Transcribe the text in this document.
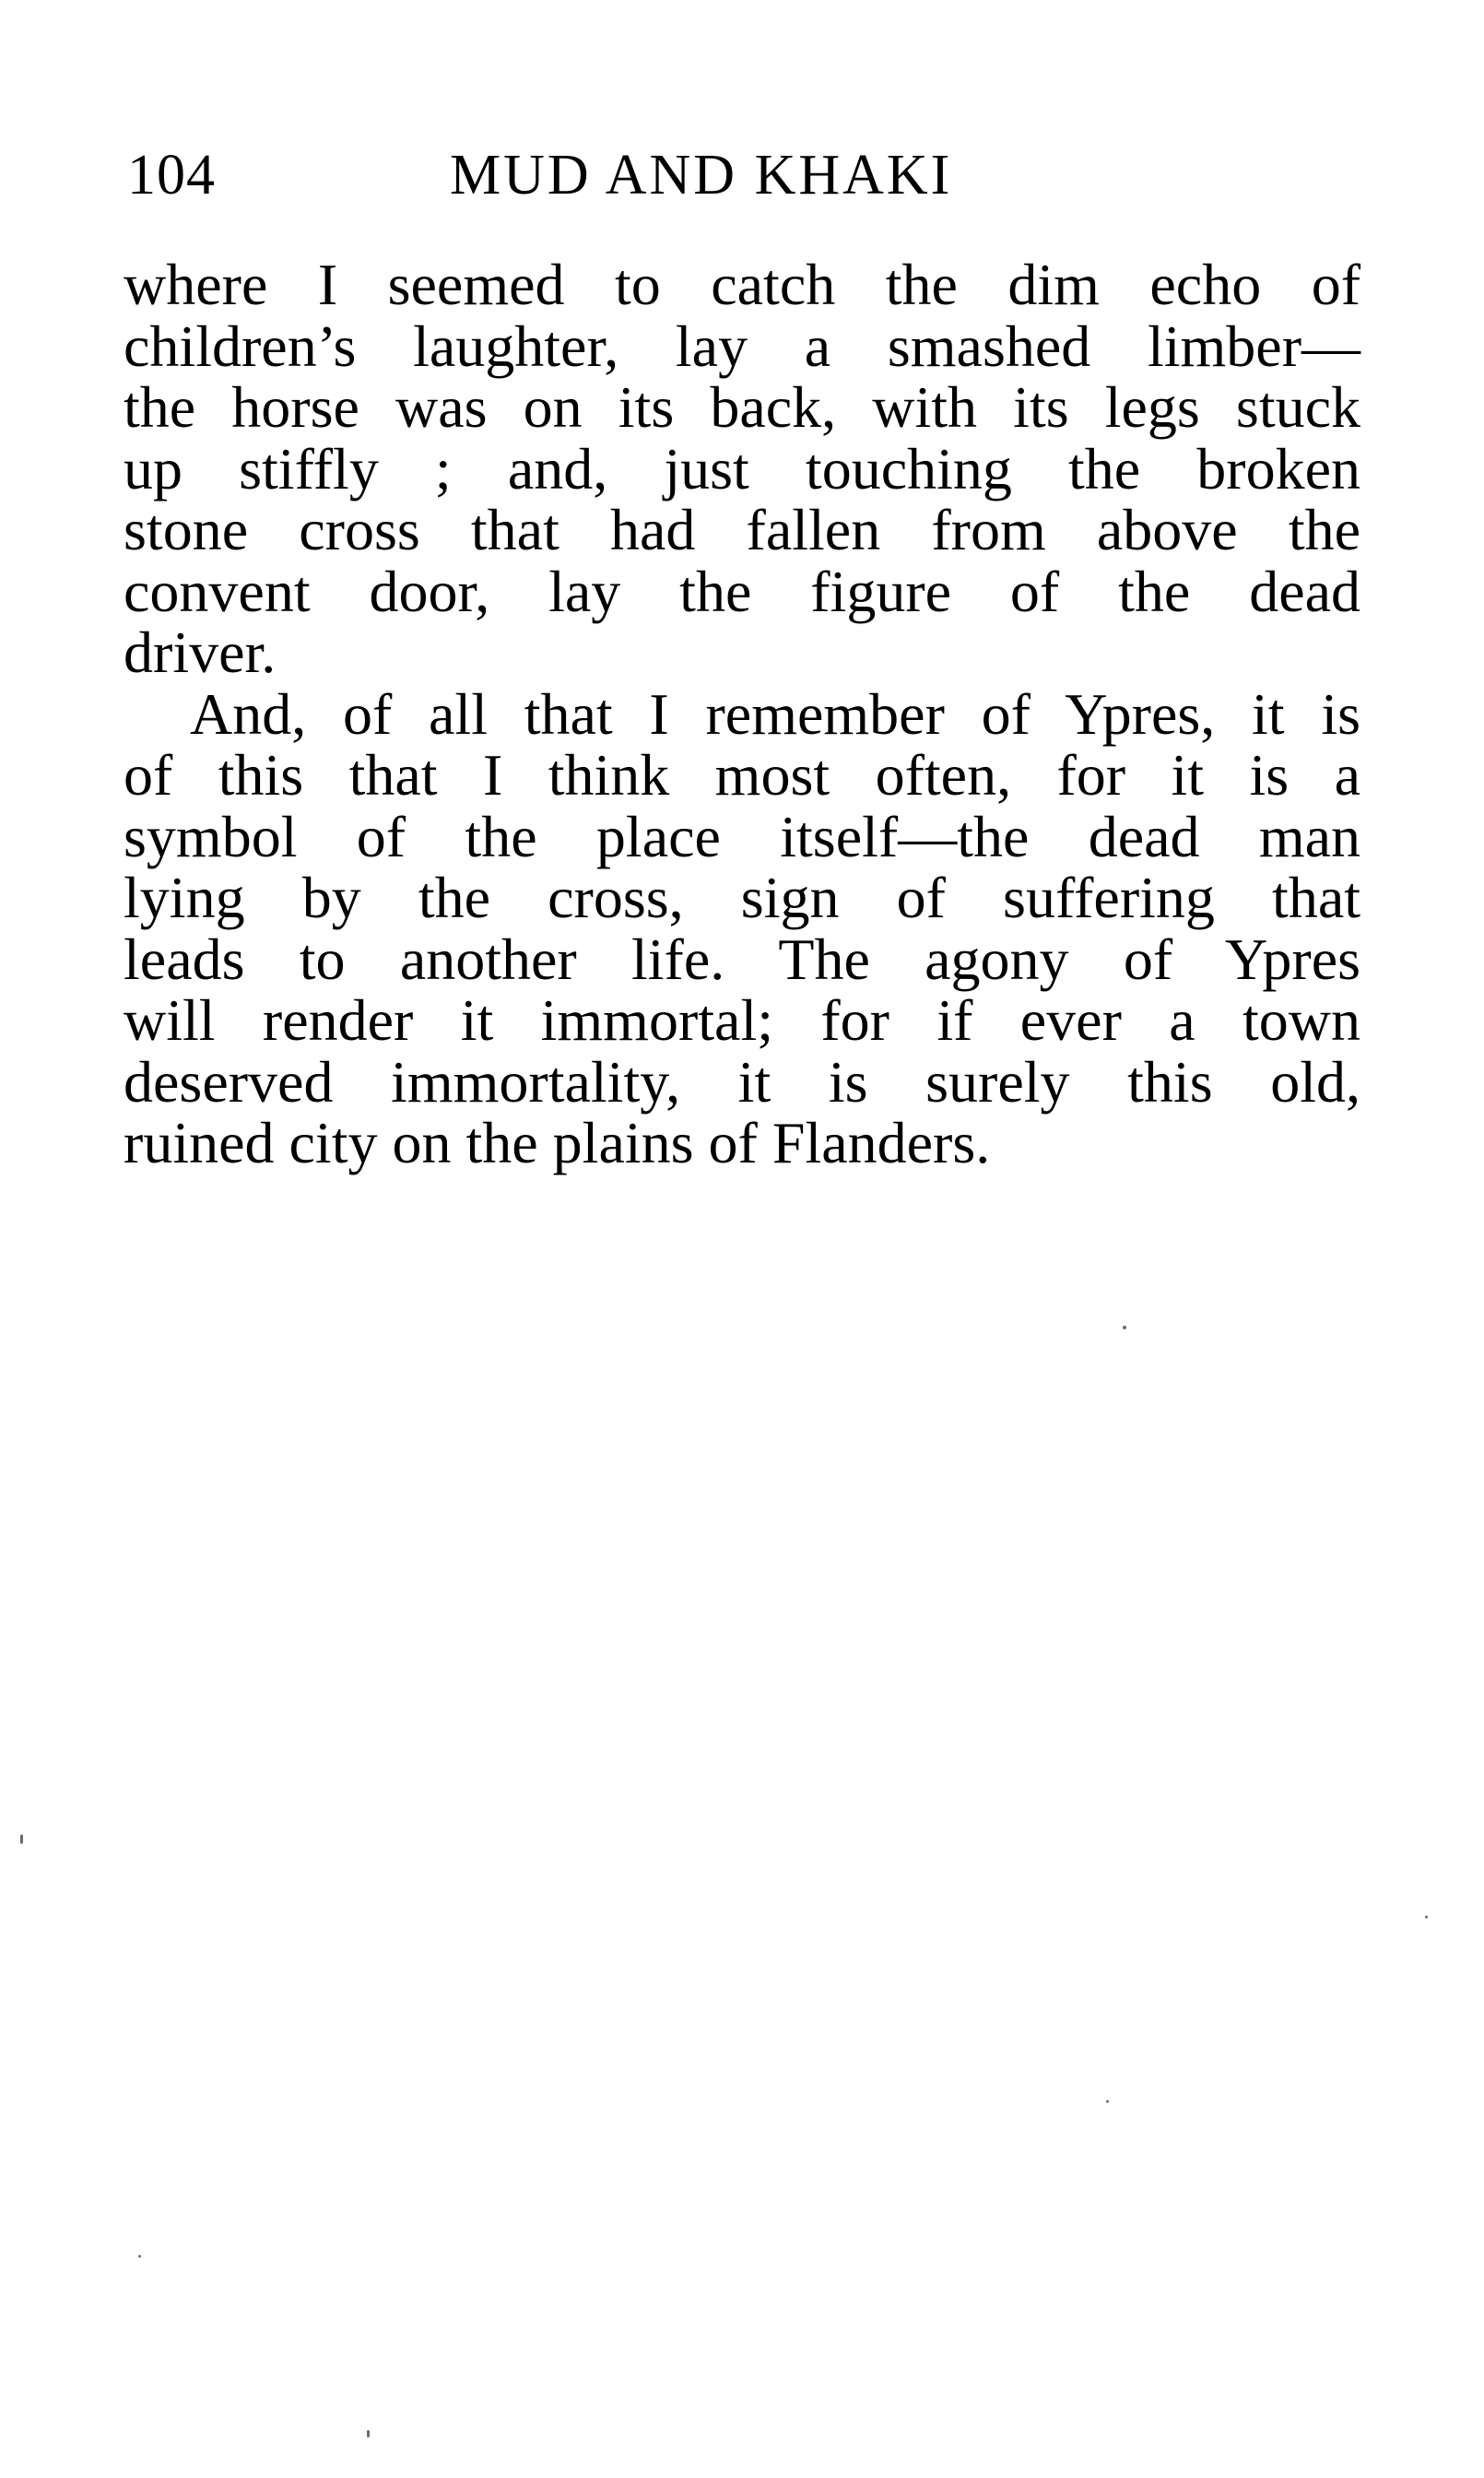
104	MUD AND KHAKI
where I seemed to catch the dim echo of
children’s laughter, lay a smashed limber—
the horse was on its back, with its legs stuck
up stiffly ; and, just touching the broken
stone cross that had fallen from above the
convent door, lay the figure of the dead
driver.
And, of all that I remember of Ypres, it is
of this that I think most often, for it is a
symbol of the place itself—the dead man
lying by the cross, sign of suffering that
leads to another life. The agony of Ypres
will render it immortal; for if ever a town
deserved immortality, it is surely this old,
ruined city on the plains of Flanders.
